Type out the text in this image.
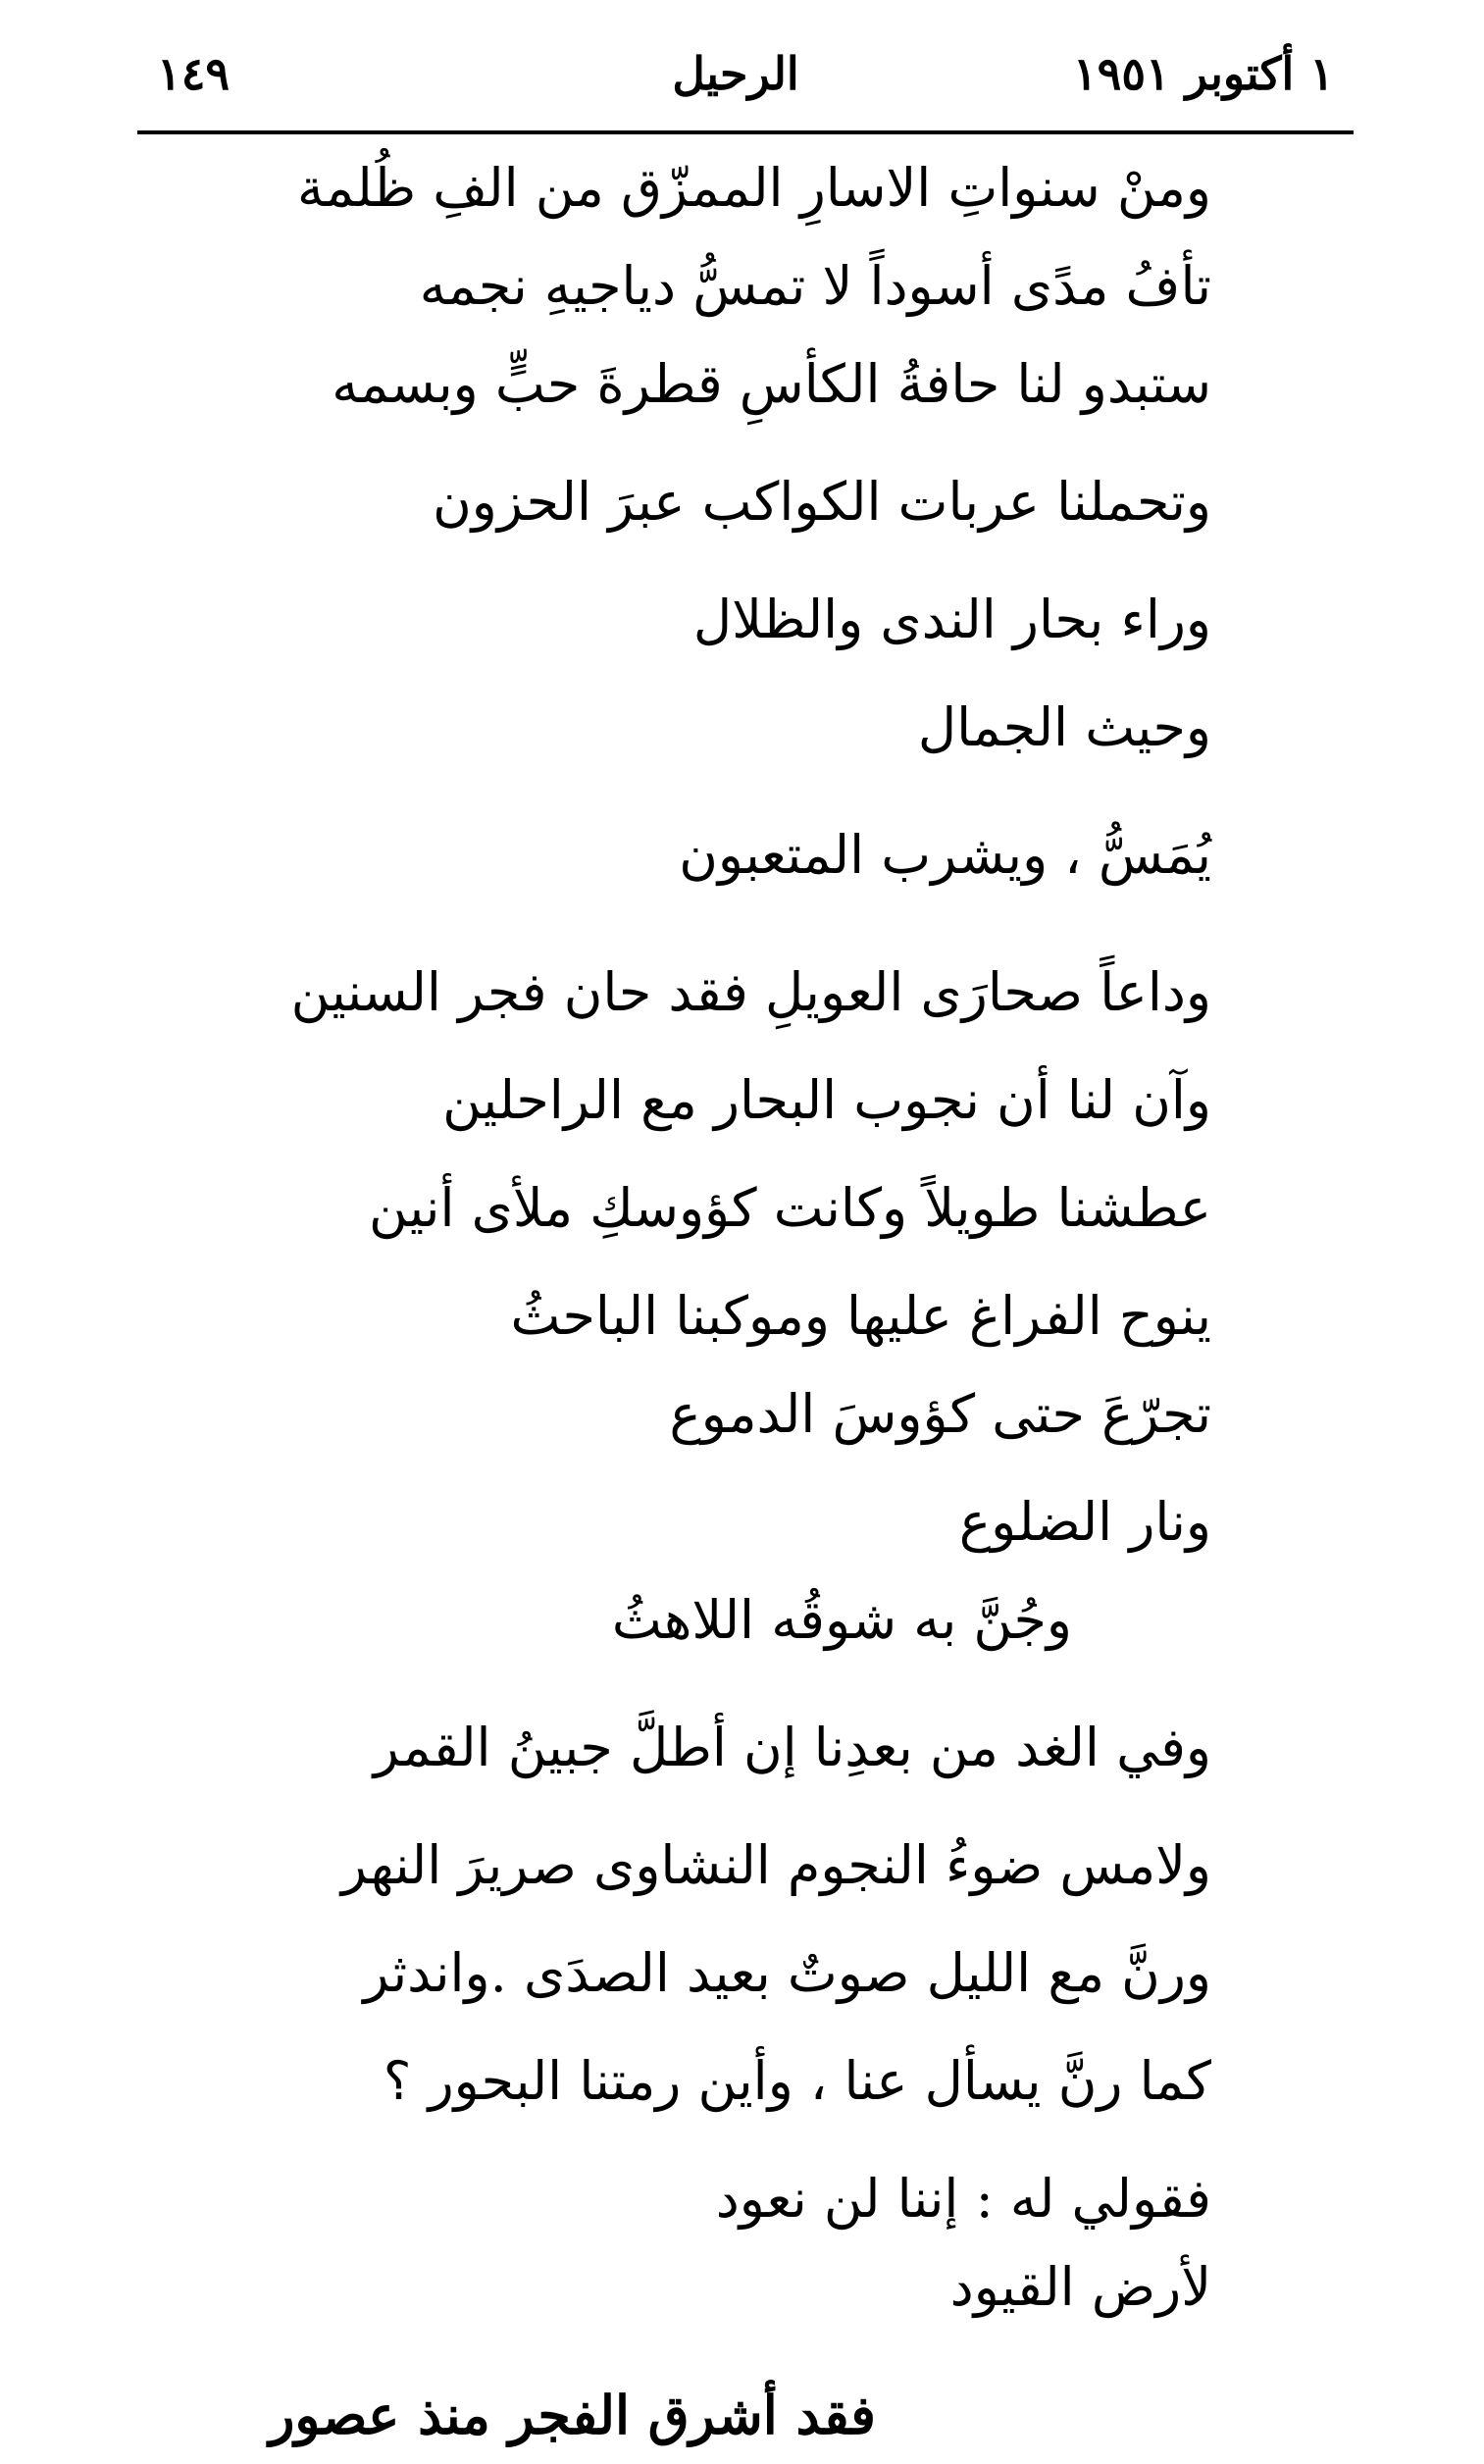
١ أكتوبر ١٩٥١
الرحيل
١٤٩
ومنْ سنواتِ الاسارِ الممزّق من الفِ ظُلمة
تأفُ مدًى أسوداً لا تمسُّ دياجيهِ نجمه
ستبدو لنا حافةُ الكأسِ قطرةَ حبٍّ وبسمه
وتحملنا عربات الكواكب عبرَ الحزون
وراء بحار الندى والظلال
وحيث الجمال
يُمَسُّ ، ويشرب المتعبون
وداعاً صحارَى العويلِ فقد حان فجر السنين
وآن لنا أن نجوب البحار مع الراحلين
عطشنا طويلاً وكانت كؤوسكِ ملأى أنين
ينوح الفراغ عليها وموكبنا الباحثُ
تجرّعَ حتى كؤوسَ الدموع
ونار الضلوع
وجُنَّ به شوقُه اللاهثُ
وفي الغد من بعدِنا إن أطلَّ جبينُ القمر
ولامس ضوءُ النجوم النشاوى صريرَ النهر
ورنَّ مع الليل صوتٌ بعيد الصدَى .واندثر
كما رنَّ يسأل عنا ، وأين رمتنا البحور ؟
فقولي له : إننا لن نعود
لأرض القيود
فقد أشرق الفجر منذ عصور
